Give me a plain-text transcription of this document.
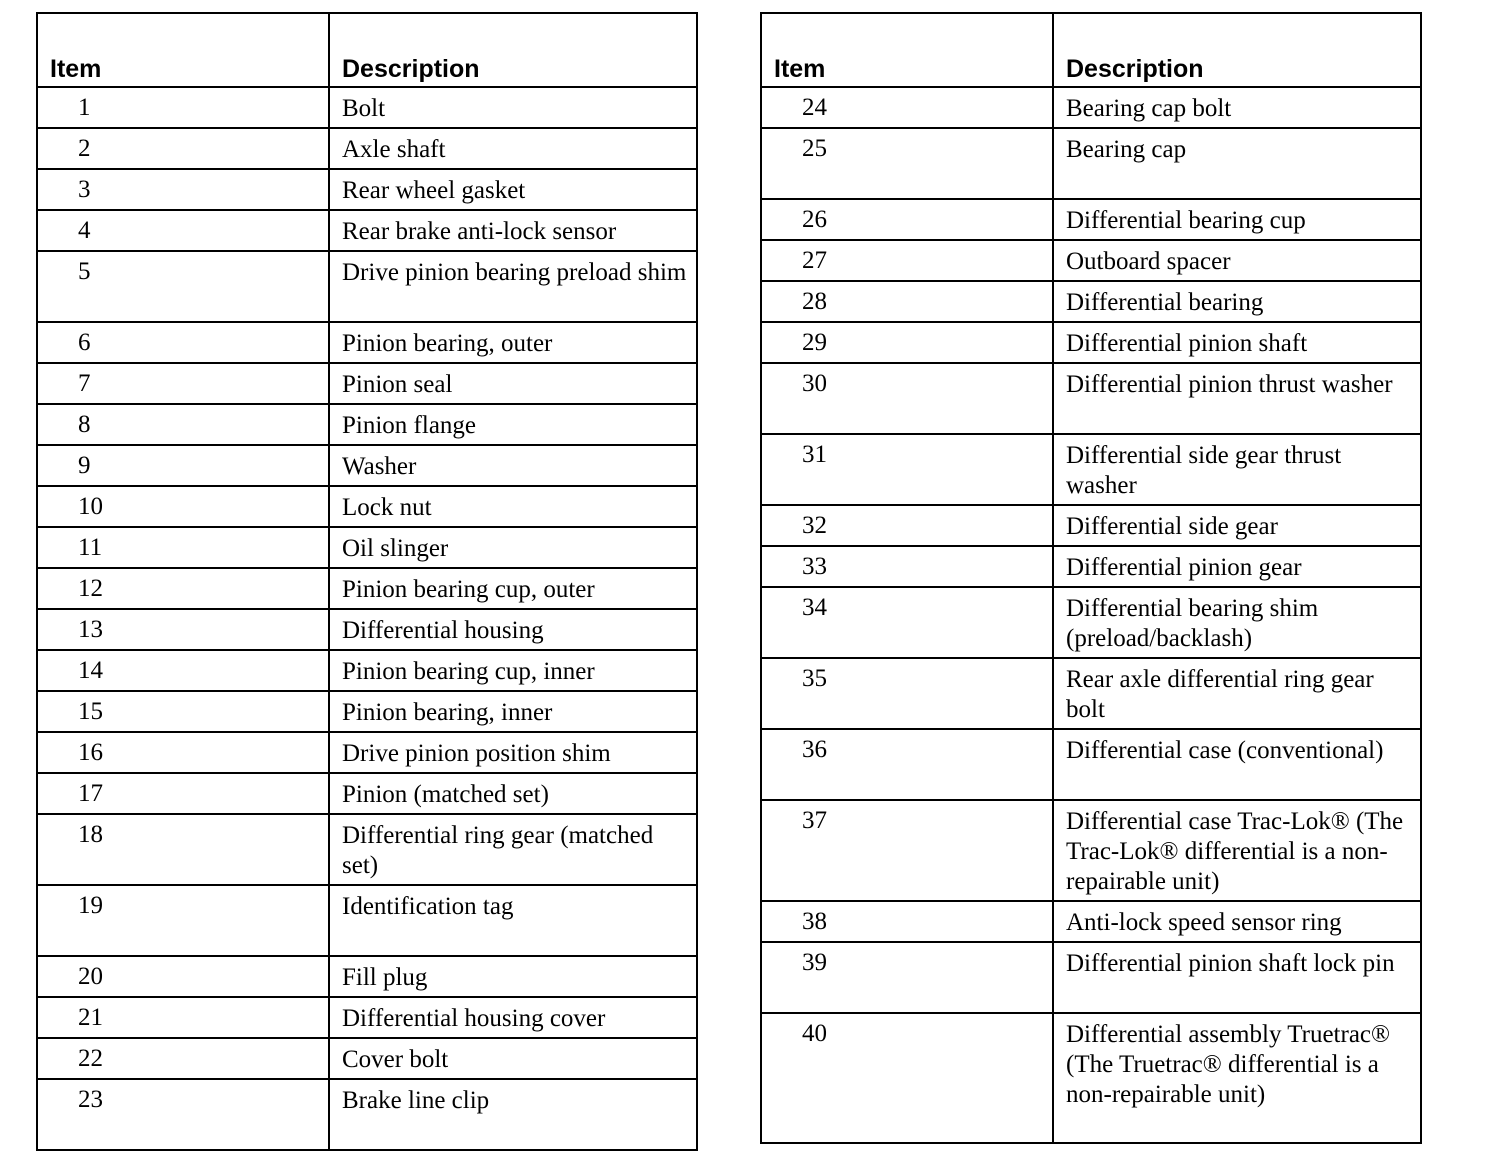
Item	Description
1	Bolt
2	Axle shaft
3	Rear wheel gasket
4	Rear brake anti-lock sensor
5	Drive pinion bearing preload shim
6	Pinion bearing, outer
7	Pinion seal
8	Pinion flange
9	Washer
10	Lock nut
11	Oil slinger
12	Pinion bearing cup, outer
13	Differential housing
14	Pinion bearing cup, inner
15	Pinion bearing, inner
16	Drive pinion position shim
17	Pinion (matched set)
18	Differential ring gear (matched set)
19	Identification tag
20	Fill plug
21	Differential housing cover
22	Cover bolt
23	Brake line clip
Item	Description
24	Bearing cap bolt
25	Bearing cap
26	Differential bearing cup
27	Outboard spacer
28	Differential bearing
29	Differential pinion shaft
30	Differential pinion thrust washer
31	Differential side gear thrust washer
32	Differential side gear
33	Differential pinion gear
34	Differential bearing shim (preload/backlash)
35	Rear axle differential ring gear bolt
36	Differential case (conventional)
37	Differential case Trac-Lok® (The Trac-Lok® differential is a non-repairable unit)
38	Anti-lock speed sensor ring
39	Differential pinion shaft lock pin
40	Differential assembly Truetrac® (The Truetrac® differential is a non-repairable unit)
